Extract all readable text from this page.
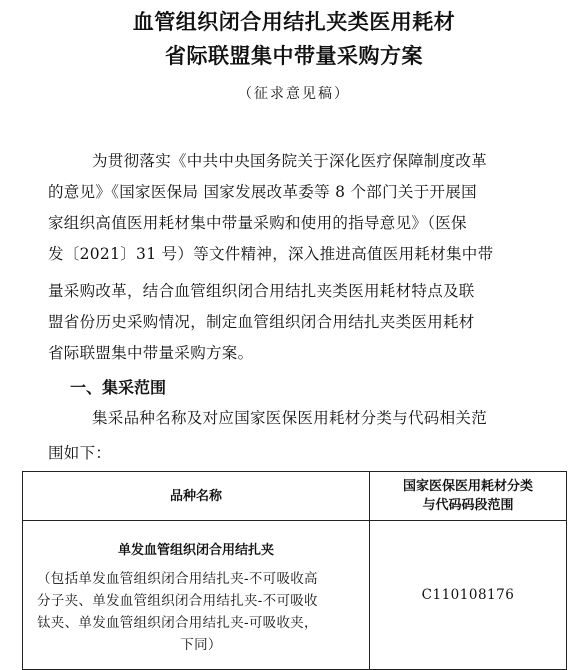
血管组织闭合用结扎夹类医用耗材
省际联盟集中带量采购方案
（征求意见稿）
为贯彻落实《中共中央国务院关于深化医疗保障制度改革
的意见》《国家医保局 国家发展改革委等 8 个部门关于开展国
家组织高值医用耗材集中带量采购和使用的指导意见》（医保
发〔2021〕31 号）等文件精神，深入推进高值医用耗材集中带
量采购改革，结合血管组织闭合用结扎夹类医用耗材特点及联
盟省份历史采购情况，制定血管组织闭合用结扎夹类医用耗材
省际联盟集中带量采购方案。
一、集采范围
集采品种名称及对应国家医保医用耗材分类与代码相关范
围如下：
品种名称	国家医保医用耗材分类
与代码码段范围

单发血管组织闭合用结扎夹
（包括单发血管组织闭合用结扎夹-不可吸收高
分子夹、单发血管组织闭合用结扎夹-不可吸收
钛夹、单发血管组织闭合用结扎夹-可吸收夹，
下同）	C110108176
